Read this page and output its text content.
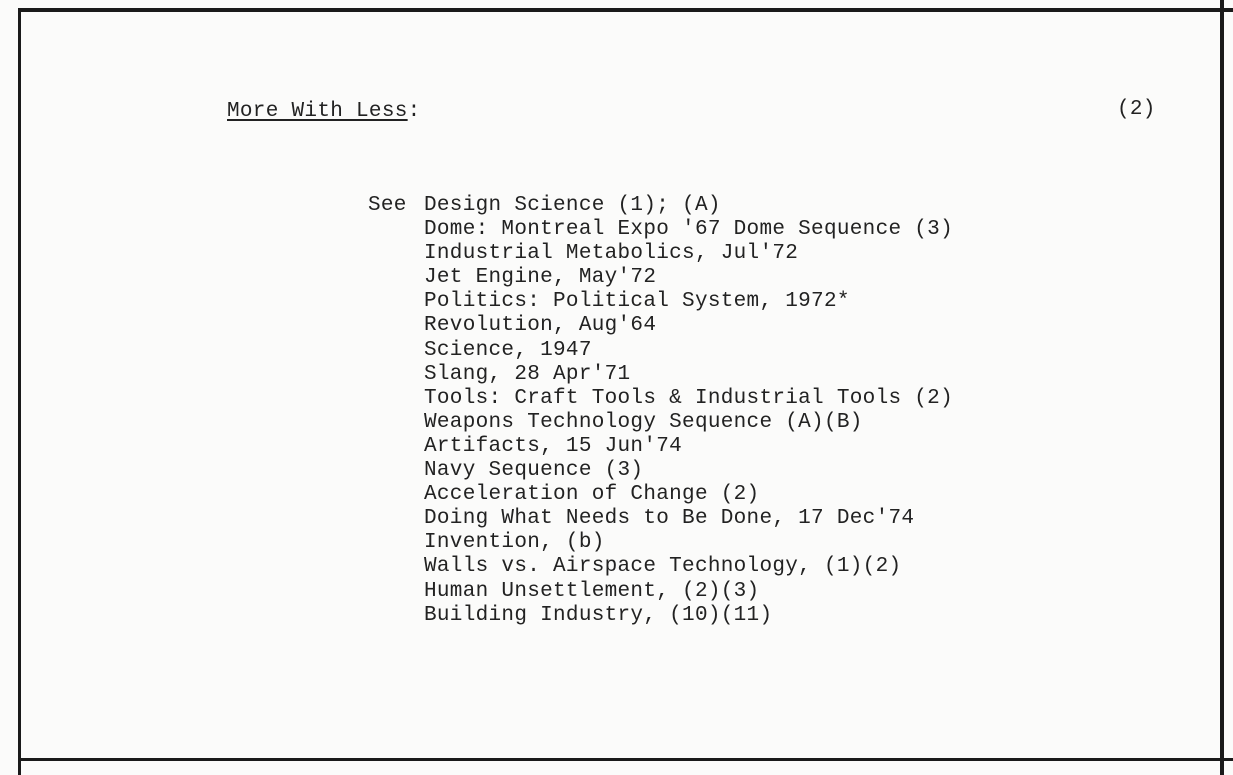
More With Less:	(2)
See Design Science (1); (A)
Dome: Montreal Expo '67 Dome Sequence (3)
Industrial Metabolics, Jul'72
Jet Engine, May'72
Politics: Political System, 1972*
Revolution, Aug'64
Science, 1947
Slang, 28 Apr'71
Tools: Craft Tools & Industrial Tools (2)
Weapons Technology Sequence (A)(B)
Artifacts, 15 Jun'74
Navy Sequence (3)
Acceleration of Change (2)
Doing What Needs to Be Done, 17 Dec'74
Invention, (b)
Walls vs. Airspace Technology, (1)(2)
Human Unsettlement, (2)(3)
Building Industry, (10)(11)
